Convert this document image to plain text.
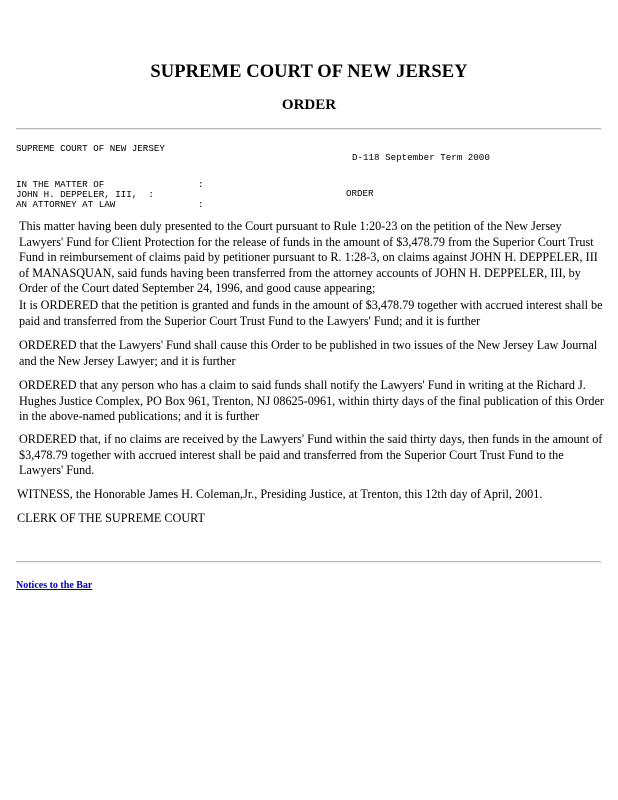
SUPREME COURT OF NEW JERSEY
ORDER
SUPREME COURT OF NEW JERSEY
D-118 September Term 2000
IN THE MATTER OF                 :
JOHN H. DEPPELER, III,  :
AN ATTORNEY AT LAW               :
ORDER

This matter having been duly presented to the Court pursuant to Rule 1:20-23 on the petition of the New Jersey Lawyers' Fund for Client Protection for the release of funds in the amount of $3,478.79 from the Superior Court Trust Fund in reimbursement of claims paid by petitioner pursuant to R. 1:28-3, on claims against JOHN H. DEPPELER, III of MANASQUAN, said funds having been transferred from the attorney accounts of JOHN H. DEPPELER, III, by Order of the Court dated September 24, 1996, and good cause appearing;

It is ORDERED that the petition is granted and funds in the amount of $3,478.79 together with accrued interest shall be paid and transferred from the Superior Court Trust Fund to the Lawyers' Fund; and it is further

ORDERED that the Lawyers' Fund shall cause this Order to be published in two issues of the New Jersey Law Journal and the New Jersey Lawyer; and it is further

ORDERED that any person who has a claim to said funds shall notify the Lawyers' Fund in writing at the Richard J. Hughes Justice Complex, PO Box 961, Trenton, NJ 08625-0961, within thirty days of the final publication of this Order in the above-named publications; and it is further

ORDERED that, if no claims are received by the Lawyers' Fund within the said thirty days, then funds in the amount of $3,478.79 together with accrued interest shall be paid and transferred from the Superior Court Trust Fund to the Lawyers' Fund.

WITNESS, the Honorable James H. Coleman,Jr., Presiding Justice, at Trenton, this 12th day of April, 2001.

CLERK OF THE SUPREME COURT

Notices to the Bar
